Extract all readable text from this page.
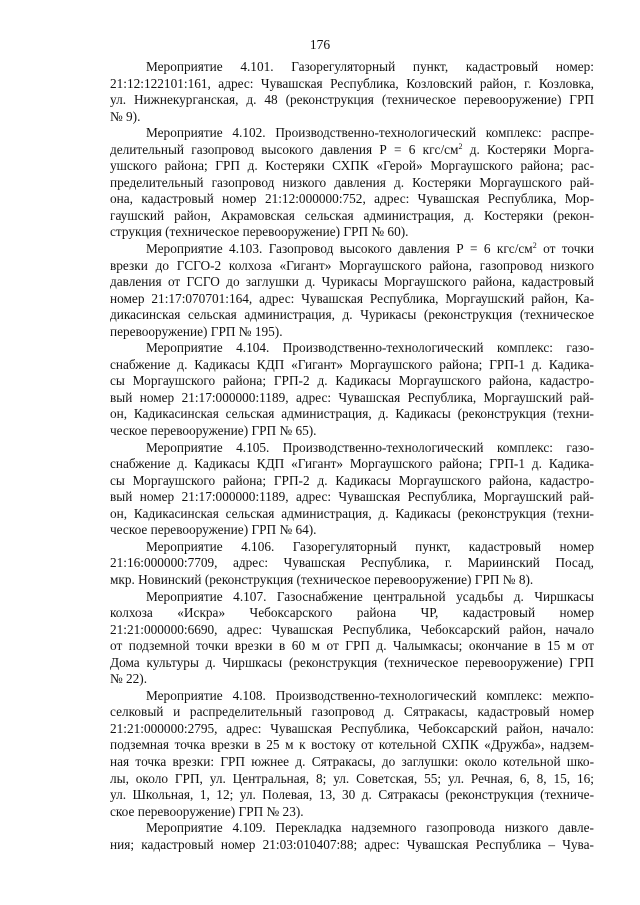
176
Мероприятие 4.101. Газорегуляторный пункт, кадастровый номер:
21:12:122101:161, адрес: Чувашская Республика, Козловский район, г. Козловка,
ул. Нижнекурганская, д. 48 (реконструкция (техническое перевооружение) ГРП
№ 9).
Мероприятие 4.102. Производственно-технологический комплекс: распре-
делительный газопровод высокого давления Р = 6 кгс/$см^2$ д. Костеряки Морга-
ушского района; ГРП д. Костеряки СХПК «Герой» Моргаушского района; рас-
пределительный газопровод низкого давления д. Костеряки Моргаушского рай-
она, кадастровый номер 21:12:000000:752, адрес: Чувашская Республика, Мор-
гаушский район, Акрамовская сельская администрация, д. Костеряки (рекон-
струкция (техническое перевооружение) ГРП № 60).
Мероприятие 4.103. Газопровод высокого давления Р = 6 кгс/$см^2$ от точки
врезки до ГСГО-2 колхоза «Гигант» Моргаушского района, газопровод низкого
давления от ГСГО до заглушки д. Чурикасы Моргаушского района, кадастровый
номер 21:17:070701:164, адрес: Чувашская Республика, Моргаушский район, Ка-
дикасинская сельская администрация, д. Чурикасы (реконструкция (техническое
перевооружение) ГРП № 195).
Мероприятие 4.104. Производственно-технологический комплекс: газо-
снабжение д. Кадикасы КДП «Гигант» Моргаушского района; ГРП-1 д. Кадика-
сы Моргаушского района; ГРП-2 д. Кадикасы Моргаушского района, кадастро-
вый номер 21:17:000000:1189, адрес: Чувашская Республика, Моргаушский рай-
он, Кадикасинская сельская администрация, д. Кадикасы (реконструкция (техни-
ческое перевооружение) ГРП № 65).
Мероприятие 4.105. Производственно-технологический комплекс: газо-
снабжение д. Кадикасы КДП «Гигант» Моргаушского района; ГРП-1 д. Кадика-
сы Моргаушского района; ГРП-2 д. Кадикасы Моргаушского района, кадастро-
вый номер 21:17:000000:1189, адрес: Чувашская Республика, Моргаушский рай-
он, Кадикасинская сельская администрация, д. Кадикасы (реконструкция (техни-
ческое перевооружение) ГРП № 64).
Мероприятие 4.106. Газорегуляторный пункт, кадастровый номер
21:16:000000:7709, адрес: Чувашская Республика, г. Мариинский Посад,
мкр. Новинский (реконструкция (техническое перевооружение) ГРП № 8).
Мероприятие 4.107. Газоснабжение центральной усадьбы д. Чиршкасы
колхоза «Искра» Чебоксарского района ЧР, кадастровый номер
21:21:000000:6690, адрес: Чувашская Республика, Чебоксарский район, начало
от подземной точки врезки в 60 м от ГРП д. Чалымкасы; окончание в 15 м от
Дома культуры д. Чиршкасы (реконструкция (техническое перевооружение) ГРП
№ 22).
Мероприятие 4.108. Производственно-технологический комплекс: межпо-
селковый и распределительный газопровод д. Сятракасы, кадастровый номер
21:21:000000:2795, адрес: Чувашская Республика, Чебоксарский район, начало:
подземная точка врезки в 25 м к востоку от котельной СХПК «Дружба», надзем-
ная точка врезки: ГРП южнее д. Сятракасы, до заглушки: около котельной шко-
лы, около ГРП, ул. Центральная, 8; ул. Советская, 55; ул. Речная, 6, 8, 15, 16;
ул. Школьная, 1, 12; ул. Полевая, 13, 30 д. Сятракасы (реконструкция (техниче-
ское перевооружение) ГРП № 23).
Мероприятие 4.109. Перекладка надземного газопровода низкого давле-
ния; кадастровый номер 21:03:010407:88; адрес: Чувашская Республика – Чува-
